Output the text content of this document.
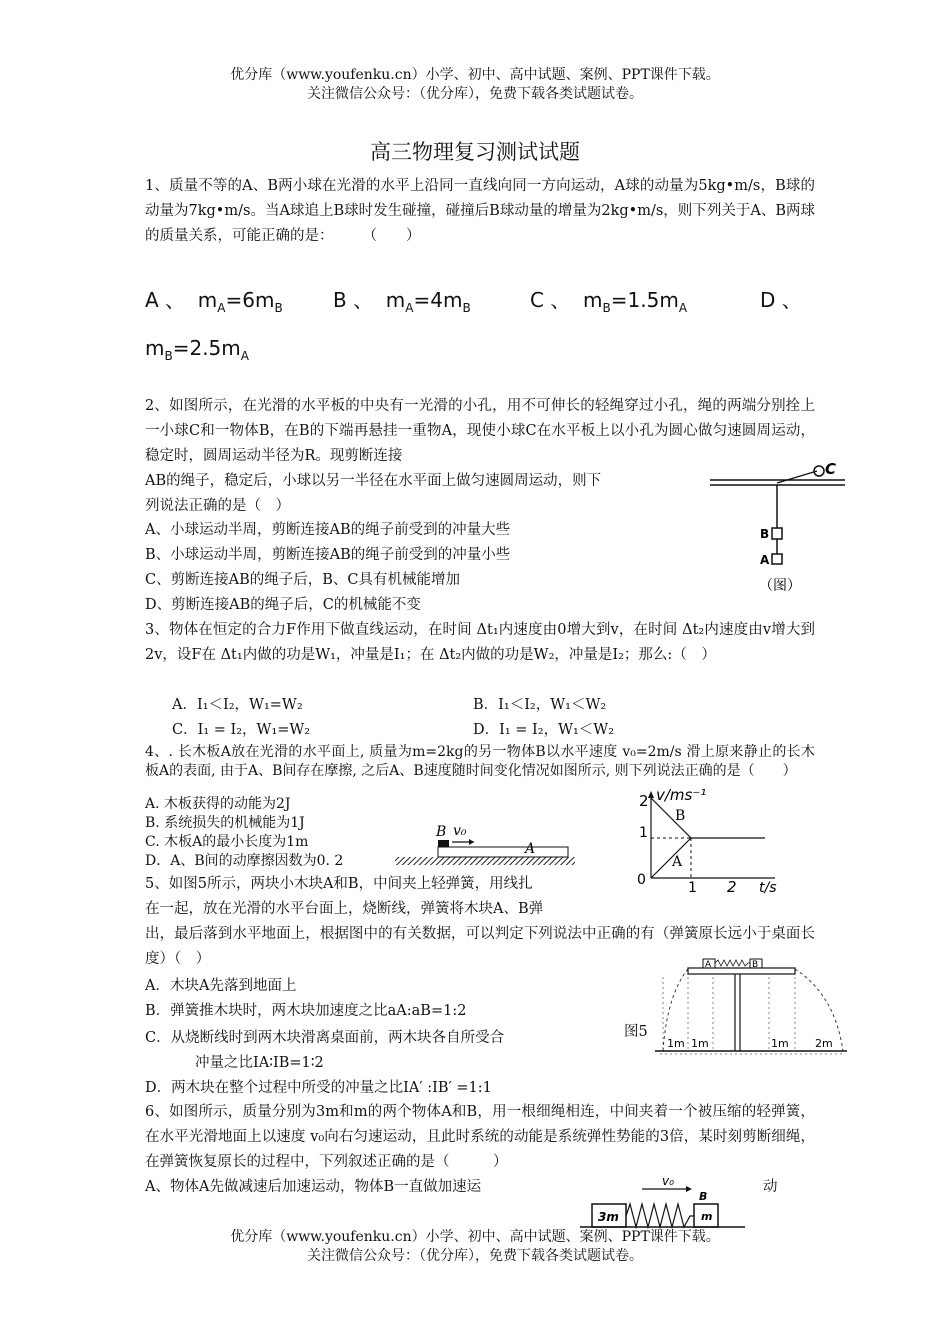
优分库（www.youfenku.cn）小学、初中、高中试题、案例、PPT课件下载。
关注微信公众号：（优分库），免费下载各类试题试卷。
高三物理复习测试试题
1、质量不等的A、B两小球在光滑的水平上沿同一直线向同一方向运动，A球的动量为5kg•m/s，B球的动量为7kg•m/s。当A球追上B球时发生碰撞，碰撞后B球动量的增量为2kg•m/s，则下列关于A、B两球的质量关系，可能正确的是：　　　（　　）
A 、 $m_A=6m_B$	B 、 $m_A=4m_B$	C 、 $m_B=1.5m_A$	D 、
$m_B=2.5m_A$
2、如图所示，在光滑的水平板的中央有一光滑的小孔，用不可伸长的轻绳穿过小孔，绳的两端分别拴上一小球C和一物体B，在B的下端再悬挂一重物A，现使小球C在水平板上以小孔为圆心做匀速圆周运动，稳定时，圆周运动半径为R。现剪断连接
AB的绳子，稳定后，小球以另一半径在水平面上做匀速圆周运动，则下
列说法正确的是（　）
A、小球运动半周，剪断连接AB的绳子前受到的冲量大些
B、小球运动半周，剪断连接AB的绳子前受到的冲量小些
C、剪断连接AB的绳子后，B、C具有机械能增加
D、剪断连接AB的绳子后，C的机械能不变
C
B
A
（图）
3、物体在恒定的合力F作用下做直线运动，在时间 Δt₁内速度由0增大到v，在时间 Δt₂内速度由v增大到2v，设F在 Δt₁内做的功是W₁，冲量是I₁；在 Δt₂内做的功是W₂，冲量是I₂；那么:（　）
A．I₁＜I₂，W₁=W₂	B．I₁＜I₂，W₁＜W₂
C．I₁ = I₂，W₁=W₂	D．I₁ = I₂，W₁＜W₂
4、. 长木板A放在光滑的水平面上, 质量为m=2kg的另一物体B以水平速度 v₀=2m/s 滑上原来静止的长木板A的表面, 由于A、B间存在摩擦, 之后A、B速度随时间变化情况如图所示, 则下列说法正确的是（　　）
A. 木板获得的动能为2J
B. 系统损失的机械能为1J
C. 木板A的最小长度为1m
D．A、B间的动摩擦因数为0. 2
B v₀
A
2
1
0	1 2
v/ms⁻¹
t/s
B
A
5、如图5所示，两块小木块A和B，中间夹上轻弹簧，用线扎
在一起，放在光滑的水平台面上，烧断线，弹簧将木块A、B弹
出，最后落到水平地面上，根据图中的有关数据，可以判定下列说法中正确的有（弹簧原长远小于桌面长度）（　）
A．木块A先落到地面上
B．弹簧推木块时，两木块加速度之比aA:aB=1:2
C．从烧断线时到两木块滑离桌面前，两木块各自所受合
冲量之比IA∶IB=1∶2
D．两木块在整个过程中所受的冲量之比IA′ :IB′ =1:1
图5
A	B
1m 1m	1m 2m
6、如图所示，质量分别为3m和m的两个物体A和B，用一根细绳相连，中间夹着一个被压缩的轻弹簧，在水平光滑地面上以速度 v₀向右匀速运动，且此时系统的动能是系统弹性势能的3倍，某时刻剪断细绳，在弹簧恢复原长的过程中，下列叙述正确的是（　　　）
A、物体A先做减速后加速运动，物体B一直做加速运	动
3m	m
B
v₀
优分库（www.youfenku.cn）小学、初中、高中试题、案例、PPT课件下载。
关注微信公众号：（优分库），免费下载各类试题试卷。
